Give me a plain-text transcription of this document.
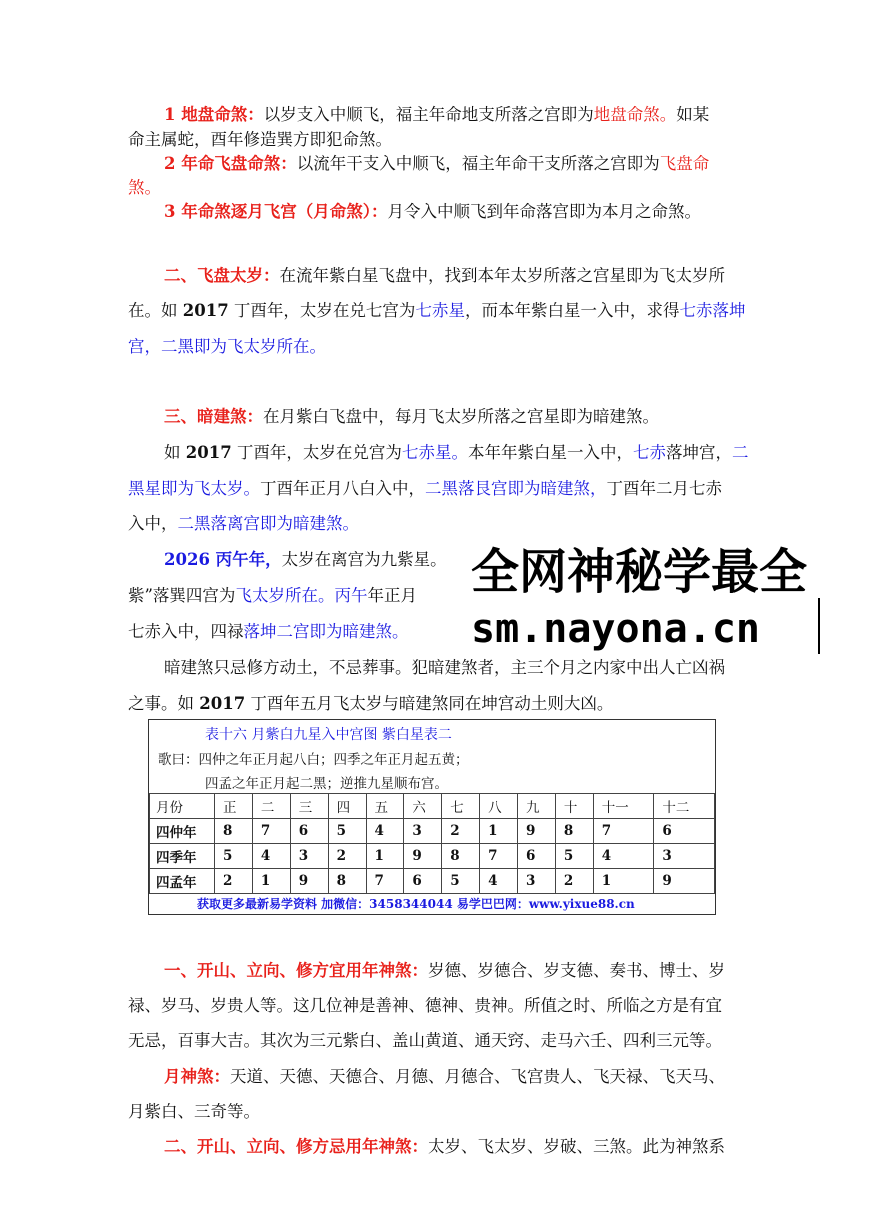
1 地盘命煞：以岁支入中顺飞，福主年命地支所落之宫即为地盘命煞。如某
命主属蛇，酉年修造巽方即犯命煞。
2 年命飞盘命煞：以流年干支入中顺飞，福主年命干支所落之宫即为飞盘命
煞。
3 年命煞逐月飞宫（月命煞）：月令入中顺飞到年命落宫即为本月之命煞。
二、飞盘太岁：在流年紫白星飞盘中，找到本年太岁所落之宫星即为飞太岁所
在。如 2017 丁酉年，太岁在兑七宫为七赤星，而本年紫白星一入中，求得七赤落坤
宫，二黑即为飞太岁所在。
三、暗建煞：在月紫白飞盘中，每月飞太岁所落之宫星即为暗建煞。
如 2017 丁酉年，太岁在兑宫为七赤星。本年年紫白星一入中，七赤落坤宫，二
黑星即为飞太岁。丁酉年正月八白入中，二黑落艮宫即为暗建煞，丁酉年二月七赤
入中，二黑落离宫即为暗建煞。
2026 丙午年，太岁在离宫为九紫星。
紫”落巽四宫为飞太岁所在。丙午年正月
七赤入中，四禄落坤二宫即为暗建煞。
暗建煞只忌修方动土，不忌葬事。犯暗建煞者，主三个月之内家中出人亡凶祸
之事。如 2017 丁酉年五月飞太岁与暗建煞同在坤宫动土则大凶。
全网神秘学最全
sm.nayona.cn
表十六 月紫白九星入中宫图 紫白星表二
歌曰：四仲之年正月起八白；四季之年正月起五黄；
四孟之年正月起二黑；逆推九星顺布宫。
月份	正	二	三	四	五	六	七	八	九	十	十一	十二
四仲年	8	7	6	5	4	3	2	1	9	8	7	6
四季年	5	4	3	2	1	9	8	7	6	5	4	3
四孟年	2	1	9	8	7	6	5	4	3	2	1	9
获取更多最新易学资料 加微信：3458344044 易学巴巴网：www.yixue88.cn
一、开山、立向、修方宜用年神煞：岁德、岁德合、岁支德、奏书、博士、岁
禄、岁马、岁贵人等。这几位神是善神、德神、贵神。所值之时、所临之方是有宜
无忌，百事大吉。其次为三元紫白、盖山黄道、通天窍、走马六壬、四利三元等。
月神煞：天道、天德、天德合、月德、月德合、飞宫贵人、飞天禄、飞天马、
月紫白、三奇等。
二、开山、立向、修方忌用年神煞：太岁、飞太岁、岁破、三煞。此为神煞系
